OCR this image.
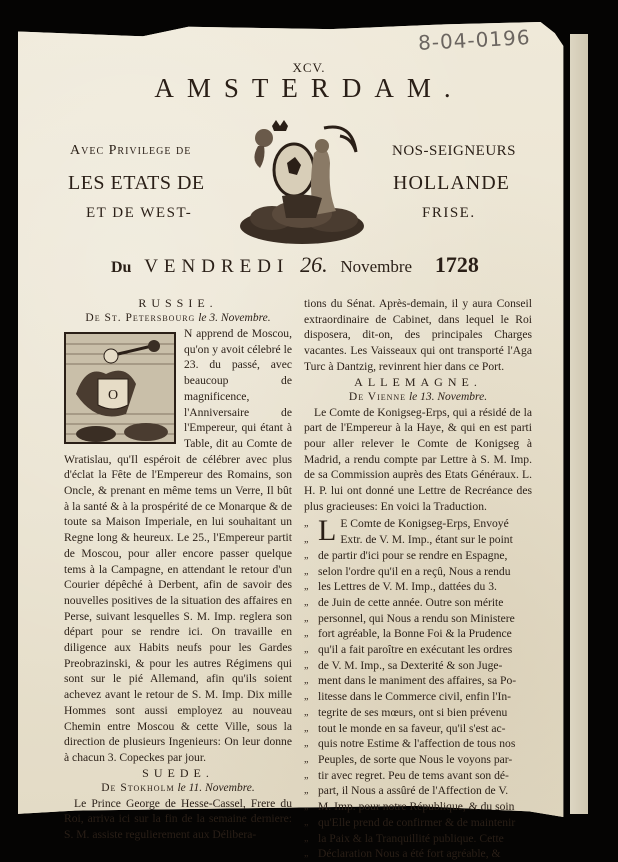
8-04-0196
XCV.
AMSTERDAM.
Avec Privilege de
LES ETATS DE
ET DE WEST-
NOS-SEIGNEURS
HOLLANDE
FRISE.
Du VENDREDI 26. Novembre 1728
RUSSIE.
De St. Petersbourg le 3. Novembre.
O
N apprend de Moscou, qu'on y avoit célebré le 23. du passé, avec beaucoup de magnificence, l'Anniversaire de l'Empereur, qui étant à Table, dit au Comte de Wratislau, qu'Il espéroit de célébrer avec plus d'éclat la Fête de l'Empereur des Romains, son Oncle, & prenant en même tems un Verre, Il bût à la santé & à la prospérité de ce Monarque & de toute sa Maison Imperiale, en lui souhaitant un Regne long & heureux. Le 25., l'Empereur partit de Moscou, pour aller encore passer quelque tems à la Campagne, en attendant le retour d'un Courier dépêché à Derbent, afin de savoir des nouvelles positives de la situation des affaires en Perse, suivant lesquelles S. M. Imp. reglera son départ pour se rendre ici. On travaille en diligence aux Habits neufs pour les Gardes Preobrazinski, & pour les autres Régimens qui sont sur le pié Allemand, afin qu'ils soient achevez avant le retour de S. M. Imp. Dix mille Hommes sont aussi employez au nouveau Chemin entre Moscou & cette Ville, sous la direction de plusieurs Ingenieurs: On leur donne à chacun 3. Copeckes par jour.
SUEDE.
De Stokholm le 11. Novembre.
Le Prince George de Hesse-Cassel, Frere du Roi, arriva ici sur la fin de la semaine derniere: S. M. assiste regulierement aux Délibera-
tions du Sénat. Après-demain, il y aura Conseil extraordinaire de Cabinet, dans lequel le Roi disposera, dit-on, des principales Charges vacantes. Les Vaisseaux qui ont transporté l'Aga Turc à Dantzig, revinrent hier dans ce Port.
ALLEMAGNE.
De Vienne le 13. Novembre.
Le Comte de Konigseg-Erps, qui a résidé de la part de l'Empereur à la Haye, & qui en est parti pour aller relever le Comte de Konigseg à Madrid, a rendu compte par Lettre à S. M. Imp. de sa Commission auprès des Etats Généraux. L. H. P. lui ont donné une Lettre de Recréance des plus gracieuses: En voici la Traduction.
„ L E Comte de Konigseg-Erps, Envoyé
„	Extr. de V. M. Imp., étant sur le point
„ de partir d'ici pour se rendre en Espagne,
„ selon l'ordre qu'il en a reçû, Nous a rendu
„ les Lettres de V. M. Imp., dattées du 3.
„ de Juin de cette année. Outre son mérite
„ personnel, qui Nous a rendu son Ministere
„ fort agréable, la Bonne Foi & la Prudence
„ qu'il a fait paroître en exécutant les ordres
„ de V. M. Imp., sa Dexterité & son Juge-
„ ment dans le maniment des affaires, sa Po-
„ litesse dans le Commerce civil, enfin l'In-
„ tegrite de ses mœurs, ont si bien prévenu
„ tout le monde en sa faveur, qu'il s'est ac-
„ quis notre Estime & l'affection de tous nos
„ Peuples, de sorte que Nous le voyons par-
„ tir avec regret. Peu de tems avant son dé-
„ part, il Nous a assûré de l'Affection de V.
„ M. Imp. pour notre République, & du soin
„ qu'Elle prend de confirmer & de maintenir
„ la Paix & la Tranquillité publique. Cette
„ Déclaration Nous a été fort agréable, &
